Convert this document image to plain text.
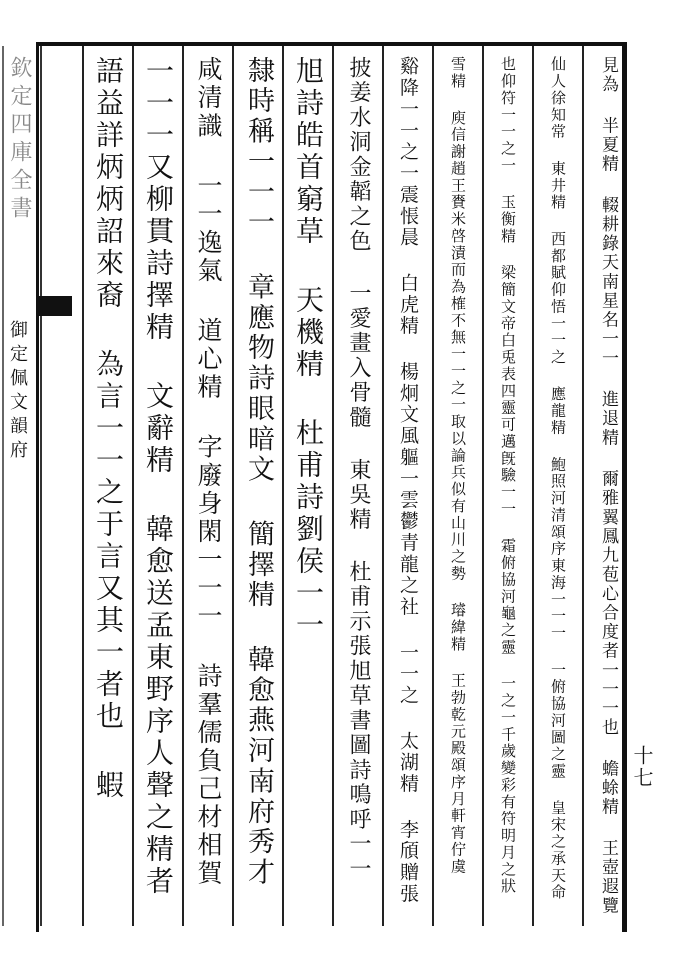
欽定四庫全書
御定佩文韻府
十七
見為 半夏精 輟耕錄天南星名一一 進退精 爾雅翼鳳九苞心合度者一一一也 蟾蜍精 王壺遐覽
仙人徐知常 東井精 西都賦仰悟一一之 應龍精 鮑照河清頌序東海一一一 一俯協河圖之靈 皇宋之承天命
也仰符一一之一 玉衡精 梁簡文帝白兎表四靈可邁旣驗一一 霜俯協河龜之靈 一之一千歲變彩有符明月之狀
雪精 庾信謝趙王賚米啓漬而為榷不無一一之一取以論兵似有山川之勢 璿緯精 王勃乾元殿頌序月軒宵佇虞
谿降一一之一震悵晨 白虎精 楊炯文風軀一雲鬱青龍之社 一一之 太湖精 李頎贈張
披姜水洞金韜之色 一愛畫入骨髓 東吳精 杜甫示張旭草書圖詩鳴呼一一
旭詩皓首窮草 天機精 杜甫詩劉侯一一
隸時稱一一一 章應物詩眼暗文 簡擇精 韓愈燕河南府秀才
咸清識 一一逸氣 道心精 字廢身閑一一一 詩羣儒負己材相賀
一一一又柳貫詩擇精 文辭精 韓愈送孟東野序人聲之精者
語益詳炳炳詔來裔 為言一一之于言又其一者也 蝦
